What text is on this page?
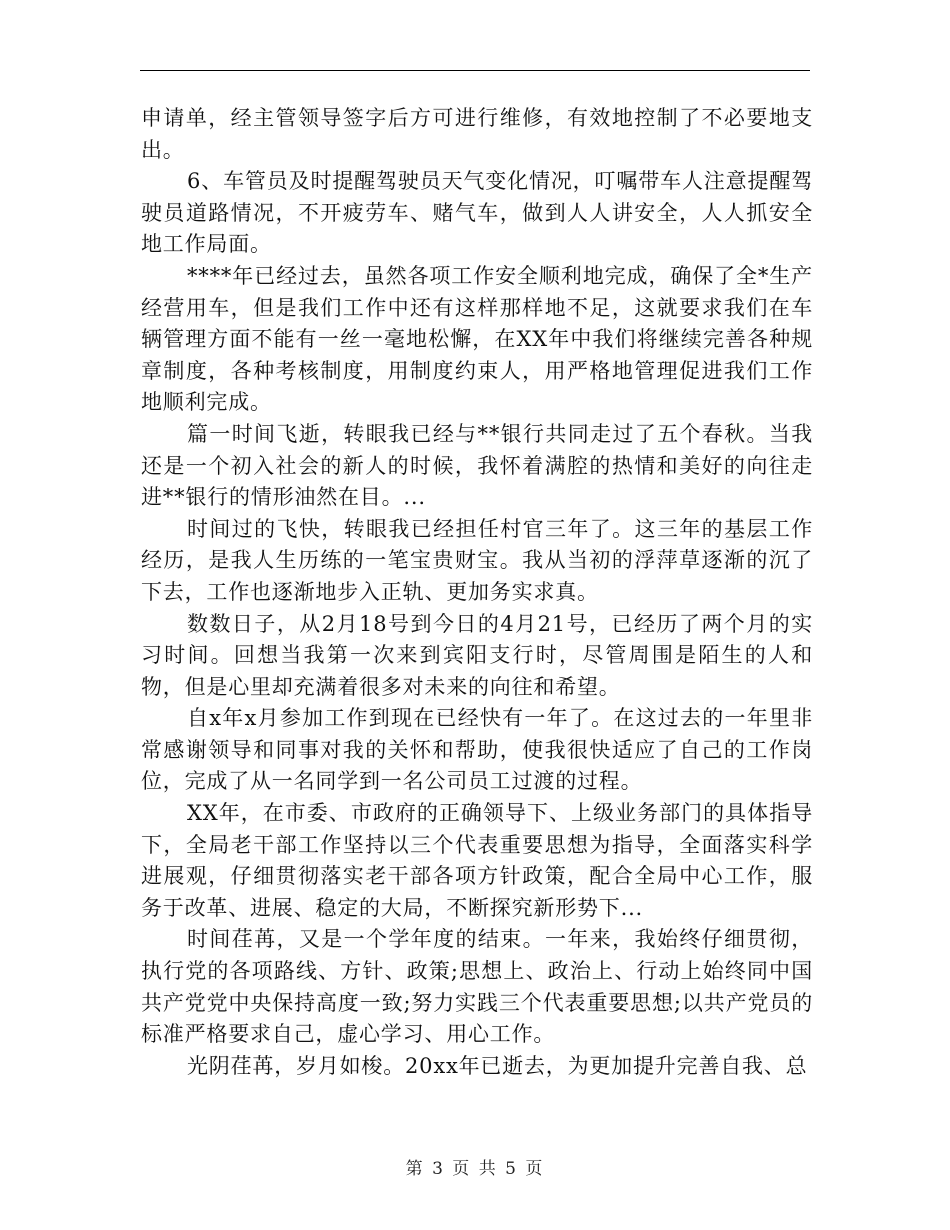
申请单，经主管领导签字后方可进行维修，有效地控制了不必要地支出。

6、车管员及时提醒驾驶员天气变化情况，叮嘱带车人注意提醒驾驶员道路情况，不开疲劳车、赌气车，做到人人讲安全，人人抓安全地工作局面。

****年已经过去，虽然各项工作安全顺利地完成，确保了全*生产经营用车，但是我们工作中还有这样那样地不足，这就要求我们在车辆管理方面不能有一丝一毫地松懈，在XX年中我们将继续完善各种规章制度，各种考核制度，用制度约束人，用严格地管理促进我们工作地顺利完成。

篇一时间飞逝，转眼我已经与**银行共同走过了五个春秋。当我还是一个初入社会的新人的时候，我怀着满腔的热情和美好的向往走进**银行的情形油然在目。...

时间过的飞快，转眼我已经担任村官三年了。这三年的基层工作经历，是我人生历练的一笔宝贵财宝。我从当初的浮萍草逐渐的沉了下去，工作也逐渐地步入正轨、更加务实求真。

数数日子，从2月18号到今日的4月21号，已经历了两个月的实习时间。回想当我第一次来到宾阳支行时，尽管周围是陌生的人和物，但是心里却充满着很多对未来的向往和希望。

自x年x月参加工作到现在已经快有一年了。在这过去的一年里非常感谢领导和同事对我的关怀和帮助，使我很快适应了自己的工作岗位，完成了从一名同学到一名公司员工过渡的过程。

XX年，在市委、市政府的正确领导下、上级业务部门的具体指导下，全局老干部工作坚持以三个代表重要思想为指导，全面落实科学进展观，仔细贯彻落实老干部各项方针政策，配合全局中心工作，服务于改革、进展、稳定的大局，不断探究新形势下...

时间荏苒，又是一个学年度的结束。一年来，我始终仔细贯彻，执行党的各项路线、方针、政策;思想上、政治上、行动上始终同中国共产党党中央保持高度一致;努力实践三个代表重要思想;以共产党员的标准严格要求自己，虚心学习、用心工作。

光阴荏苒，岁月如梭。20xx年已逝去，为更加提升完善自我、总

第 3 页 共 5 页
